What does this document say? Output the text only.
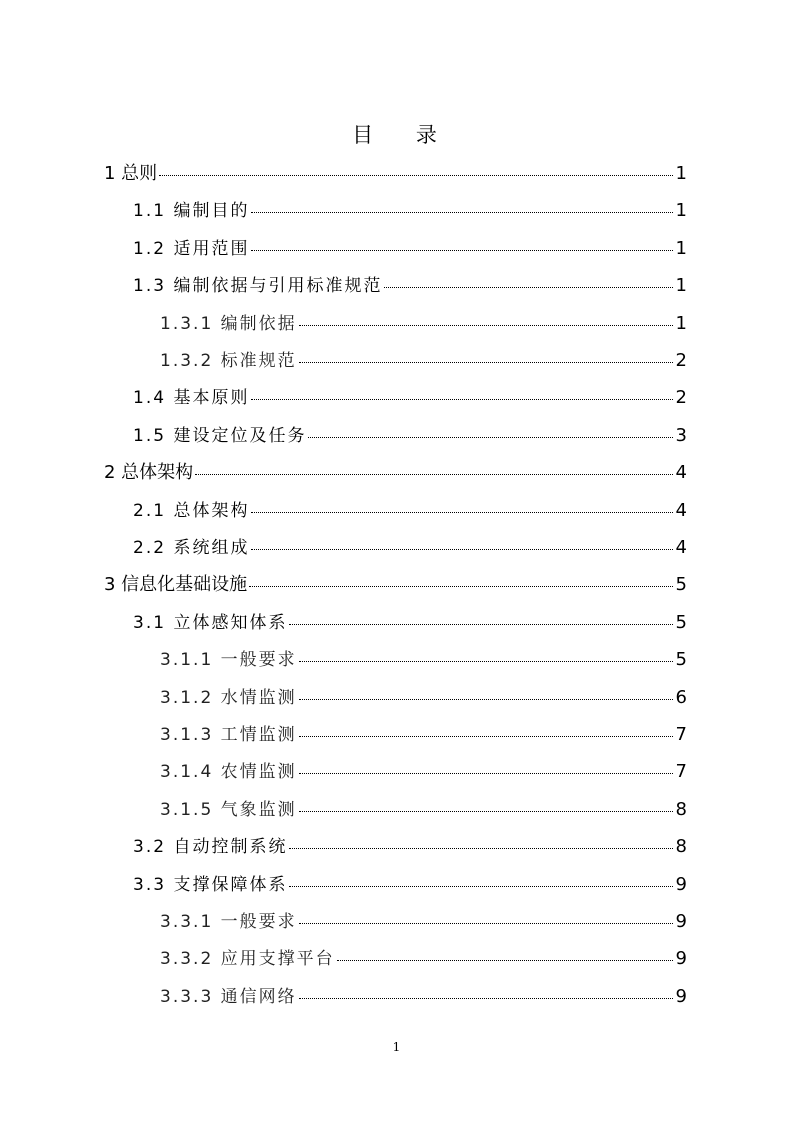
目 录
1 总则	1
1.1 编制目的	1
1.2 适用范围	1
1.3 编制依据与引用标准规范	1
1.3.1 编制依据	1
1.3.2 标准规范	2
1.4 基本原则	2
1.5 建设定位及任务	3
2 总体架构	4
2.1 总体架构	4
2.2 系统组成	4
3 信息化基础设施	5
3.1 立体感知体系	5
3.1.1 一般要求	5
3.1.2 水情监测	6
3.1.3 工情监测	7
3.1.4 农情监测	7
3.1.5 气象监测	8
3.2 自动控制系统	8
3.3 支撑保障体系	9
3.3.1 一般要求	9
3.3.2 应用支撑平台	9
3.3.3 通信网络	9
1
